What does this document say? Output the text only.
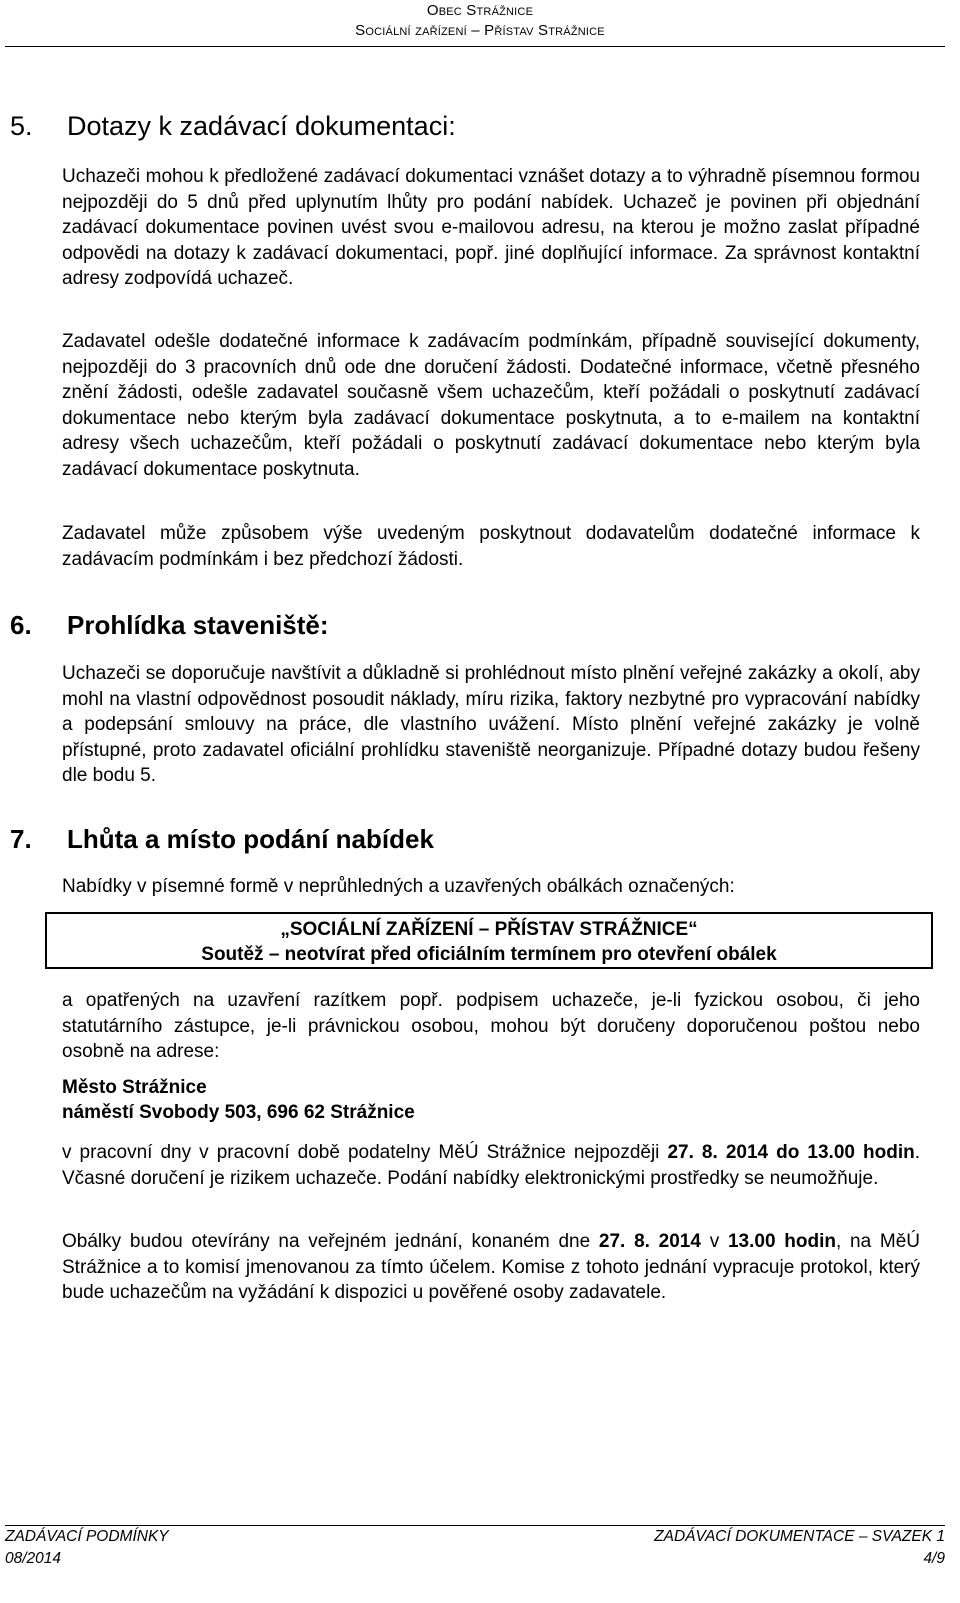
Obec Strážnice
Sociální zařízení – Přístav Strážnice
5. Dotazy k zadávací dokumentaci:

Uchazeči mohou k předložené zadávací dokumentaci vznášet dotazy a to výhradně písemnou formou nejpozději do 5 dnů před uplynutím lhůty pro podání nabídek. Uchazeč je povinen při objednání zadávací dokumentace povinen uvést svou e-mailovou adresu, na kterou je možno zaslat případné odpovědi na dotazy k zadávací dokumentaci, popř. jiné doplňující informace. Za správnost kontaktní adresy zodpovídá uchazeč.

Zadavatel odešle dodatečné informace k zadávacím podmínkám, případně související dokumenty, nejpozději do 3 pracovních dnů ode dne doručení žádosti. Dodatečné informace, včetně přesného znění žádosti, odešle zadavatel současně všem uchazečům, kteří požádali o poskytnutí zadávací dokumentace nebo kterým byla zadávací dokumentace poskytnuta, a to e-mailem na kontaktní adresy všech uchazečům, kteří požádali o poskytnutí zadávací dokumentace nebo kterým byla zadávací dokumentace poskytnuta.

Zadavatel může způsobem výše uvedeným poskytnout dodavatelům dodatečné informace k zadávacím podmínkám i bez předchozí žádosti.

6. Prohlídka staveniště:

Uchazeči se doporučuje navštívit a důkladně si prohlédnout místo plnění veřejné zakázky a okolí, aby mohl na vlastní odpovědnost posoudit náklady, míru rizika, faktory nezbytné pro vypracování nabídky a podepsání smlouvy na práce, dle vlastního uvážení. Místo plnění veřejné zakázky je volně přístupné, proto zadavatel oficiální prohlídku staveniště neorganizuje. Případné dotazy budou řešeny dle bodu 5.

7. Lhůta a místo podání nabídek

Nabídky v písemné formě v neprůhledných a uzavřených obálkách označených:

„SOCIÁLNÍ ZAŘÍZENÍ – PŘÍSTAV STRÁŽNICE“
Soutěž – neotvírat před oficiálním termínem pro otevření obálek

a opatřených na uzavření razítkem popř. podpisem uchazeče, je-li fyzickou osobou, či jeho statutárního zástupce, je-li právnickou osobou, mohou být doručeny doporučenou poštou nebo osobně na adrese:

Město Strážnice
náměstí Svobody 503, 696 62 Strážnice

v pracovní dny v pracovní době podatelny MěÚ Strážnice nejpozději 27. 8. 2014 do 13.00 hodin. Včasné doručení je rizikem uchazeče. Podání nabídky elektronickými prostředky se neumožňuje.

Obálky budou otevírány na veřejném jednání, konaném dne 27. 8. 2014 v 13.00 hodin, na MěÚ Strážnice a to komisí jmenovanou za tímto účelem. Komise z tohoto jednání vypracuje protokol, který bude uchazečům na vyžádání k dispozici u pověřené osoby zadavatele.

ZADÁVACÍ PODMÍNKY
08/2014
ZADÁVACÍ DOKUMENTACE – SVAZEK 1
4/9
